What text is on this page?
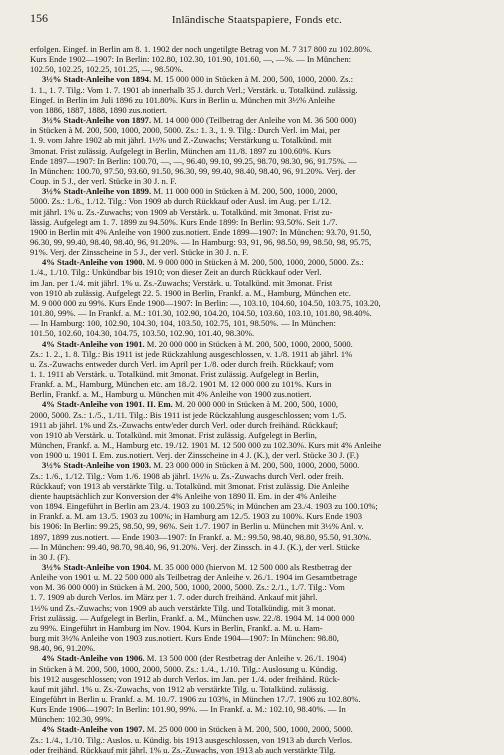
156	Inländische Staatspapiere, Fonds etc.
erfolgen. Eingef. in Berlin am 8. 1. 1902 der noch ungetilgte Betrag von M. 7 317 800 zu 102.80%.
Kurs Ende 1902—1907: In Berlin: 102.80, 102.30, 101.90, 101.60, —, —%. — In München:
102.50, 102.25, 102.25, 101.25, —, 98.50%.
3½% Stadt-Anleihe von 1894. M. 15 000 000 in Stücken à M. 200, 500, 1000, 2000. Zs.:
1. 1., 1. 7. Tilg.: Vom 1. 7. 1901 ab innerhalb 35 J. durch Verl.; Verstärk. u. Totalkünd. zulässig.
Eingef. in Berlin im Juli 1896 zu 101.80%. Kurs in Berlin u. München mit 3½% Anleihe
von 1886, 1887, 1888, 1890 zus.notiert.
3½% Stadt-Anleihe von 1897. M. 14 000 000 (Teilbetrag der Anleihe von M. 36 500 000)
in Stücken à M. 200, 500, 1000, 2000, 5000. Zs.: 1. 3., 1. 9. Tilg.: Durch Verl. im Mai, per
1. 9. vom Jahre 1902 ab mit jährl. 1½% und Z.-Zuwachs; Verstärkung u. Totalkünd. mit
3monat. Frist zulässig. Aufgelegt in Berlin, München am 11./8. 1897 zu 100.60%. Kurs
Ende 1897—1907: In Berlin: 100.70, —, —, 96.40, 99.10, 99.25, 98.70, 98.30, 96, 91.75%. —
In München: 100.70, 97.50, 93.60, 91.50, 96.30, 99, 99.40, 98.40, 98.40, 96, 91.20%. Verj. der
Coup. in 5 J., der verl. Stücke in 30 J. n. F.
3½% Stadt-Anleihe von 1899. M. 11 000 000 in Stücken à M. 200, 500, 1000, 2000,
5000. Zs.: 1./6., 1./12. Tilg.: Von 1909 ab durch Rückkauf oder Ausl. im Aug. per 1./12.
mit jährl. 1% u. Zs.-Zuwachs; von 1909 ab Verstärk. u. Totalkünd. mit 3monat. Frist zu-
lässig. Aufgelegt am 1. 7. 1899 zu 94.50%. Kurs Ende 1899: In Berlin: 93.50%. Seit 1./7.
1900 in Berlin mit 4% Anleihe von 1900 zus.notiert. Ende 1899—1907: In München: 93.70, 91.50,
96.30, 99, 99.40, 98.40, 98.40, 96, 91.20%. — In Hamburg: 93, 91, 96, 98.50, 99, 98.50, 98, 95.75,
91%. Verj. der Zinsscheine in 5 J., der verl. Stücke in 30 J. n. F.
4% Stadt-Anleihe von 1900. M. 9 000 000 in Stücken à M. 200, 500, 1000, 2000, 5000. Zs.:
1./4., 1./10. Tilg.: Unkündbar bis 1910; von dieser Zeit an durch Rückkauf oder Verl.
im Jan. per 1./4. mit jährl. 1% u. Zs.-Zuwachs; Verstärk. u. Totalkünd. mit 3monat. Frist
von 1910 ab zulässig. Aufgelegt 22. 5. 1900 in Berlin, Frankf. a. M., Hamburg, München etc.
M. 9 000 000 zu 99%. Kurs Ende 1900—1907: In Berlin: —, 103.10, 104.60, 104.50, 103.75, 103.20,
101.80, 99%. — In Frankf. a. M.: 101.30, 102.90, 104.20, 104.50, 103.60, 103.10, 101.80, 98.40%.
— In Hamburg: 100, 102.90, 104.30, 104, 103.50, 102.75, 101, 98.50%. — In München:
101.50, 102.60, 104.30, 104.75, 103.50, 102.90, 101.40, 98.30%.
4% Stadt-Anleihe von 1901. M. 20 000 000 in Stücken à M. 200, 500, 1000, 2000, 5000.
Zs.: 1. 2., 1. 8. Tilg.: Bis 1911 ist jede Rückzahlung ausgeschlossen, v. 1./8. 1911 ab jährl. 1%
u. Zs.-Zuwachs entweder durch Verl. im April per 1./8. oder durch freih. Rückkauf; vom
1. 1. 1911 ab Verstärk. u. Totalkünd. mit 3monat. Frist zulässig. Aufgelegt in Berlin,
Frankf. a. M., Hamburg, München etc. am 18./2. 1901 M. 12 000 000 zu 101%. Kurs in
Berlin, Frankf. a. M., Hamburg u. München mit 4% Anleihe von 1900 zus.notiert.
4% Stadt-Anleihe von 1901. II. Em. M. 20 000 000 in Stücken à M. 200, 500, 1000,
2000, 5000. Zs.: 1./5., 1./11. Tilg.: Bis 1911 ist jede Rückzahlung ausgeschlossen; vom 1./5.
1911 ab jährl. 1% und Zs.-Zuwachs entw'eder durch Verl. oder durch freihänd. Rückkauf;
von 1910 ab Verstärk. u. Totalkünd. mit 3monat. Frist zulässig. Aufgelegt in Berlin,
München, Frankf. a. M., Hamburg etc. 19./12. 1901 M. 12 500 000 zu 102.30%. Kurs mit 4% Anleihe
von 1900 u. 1901 I. Em. zus.notiert. Verj. der Zinsscheine in 4 J. (K.), der verl. Stücke 30 J. (F.)
3½% Stadt-Anleihe von 1903. M. 23 000 000 in Stücken à M. 200, 500, 1000, 2000, 5000.
Zs.: 1./6., 1./12. Tilg.: Vom 1./6. 1908 ab jährl. 1½% u. Zs.-Zuwachs durch Verl. oder freih.
Rückkauf; von 1913 ab verstärkte Tilg. u. Totalkünd. mit 3monat. Frist zulässig. Die Anleihe
diente hauptsächlich zur Konversion der 4% Anleihe von 1890 II. Em. in der 4% Anleihe
von 1894. Eingeführt in Berlin am 23./4. 1903 zu 100.25%; in München am 23./4. 1903 zu 100.10%;
in Frankf. a. M. am 13./5. 1903 zu 100%; in Hamburg am 12./5. 1903 zu 100%. Kurs Ende 1903
bis 1906: In Berlin: 99.25, 98.50, 99, 96%. Seit 1./7. 1907 in Berlin u. München mit 3½% Anl. v.
1897, 1899 zus.notiert. — Ende 1903—1907: In Frankf. a. M.: 99.50, 98.40, 98.80, 95.50, 91.30%.
— In München: 99.40, 98.70, 98.40, 96, 91.20%. Verj. der Zinssch. in 4 J. (K.), der verl. Stücke
in 30 J. (F).
3½% Stadt-Anleihe von 1904. M. 35 000 000 (hiervon M. 12 500 000 als Restbetrag der
Anleihe von 1901 u. M. 22 500 000 als Teilbetrag der Anleihe v. 26./1. 1904 im Gesamtbetrage
von M. 36 000 000) in Stücken à M. 200, 500, 1000, 2000, 5000. Zs.: 2./1., 1./7. Tilg.: Vom
1. 7. 1909 ab durch Verlos. im März per 1. 7. oder durch freihänd. Ankauf mit jährl.
1½% und Zs.-Zuwachs; von 1909 ab auch verstärkte Tilg. und Totalkündig. mit 3 monat.
Frist zulässig. — Aufgelegt in Berlin, Frankf. a. M., München usw. 22./8. 1904 M. 14 000 000
zu 99%. Eingeführt in Hamburg im Nov. 1904. Kurs in Berlin, Frankf. a. M. u. Ham-
burg mit 3½% Anleihe von 1903 zus.notiert. Kurs Ende 1904—1907: In München: 98.80,
98.40, 96, 91.20%.
4% Stadt-Anleihe von 1906. M. 13 500 000 (der Restbetrag der Anleihe v. 26./1. 1904)
in Stücken à M. 200, 500, 1000, 2000, 5000. Zs.: 1./4., 1./10. Tilg.: Auslosung u. Kündig.
bis 1912 ausgeschlossen; von 1912 ab durch Verlos. im Jan. per 1./4. oder freihänd. Rück-
kauf mit jährl. 1% u. Zs.-Zuwachs, von 1912 ab verstärkte Tilg. u. Totalkünd. zulässig.
Eingeführt in Berlin u. Frankf. a. M. 10./7. 1906 zu 103%, in München 17./7. 1906 zu 102.80%.
Kurs Ende 1906—1907: In Berlin: 101.90, 99%. — In Frankf. a. M.: 102.10, 98.40%. — In
München: 102.30, 99%.
4% Stadt-Anleihe von 1907. M. 25 000 000 in Stücken à M. 200, 500, 1000, 2000, 5000.
Zs.: 1./4., 1./10. Tilg.: Auslos. u. Kündig. bis 1913 ausgeschlossen, von 1913 ab durch Verlos.
oder freihänd. Rückkauf mit jährl. 1% u. Zs.-Zuwachs, von 1913 ab auch verstärkte Tilg.
